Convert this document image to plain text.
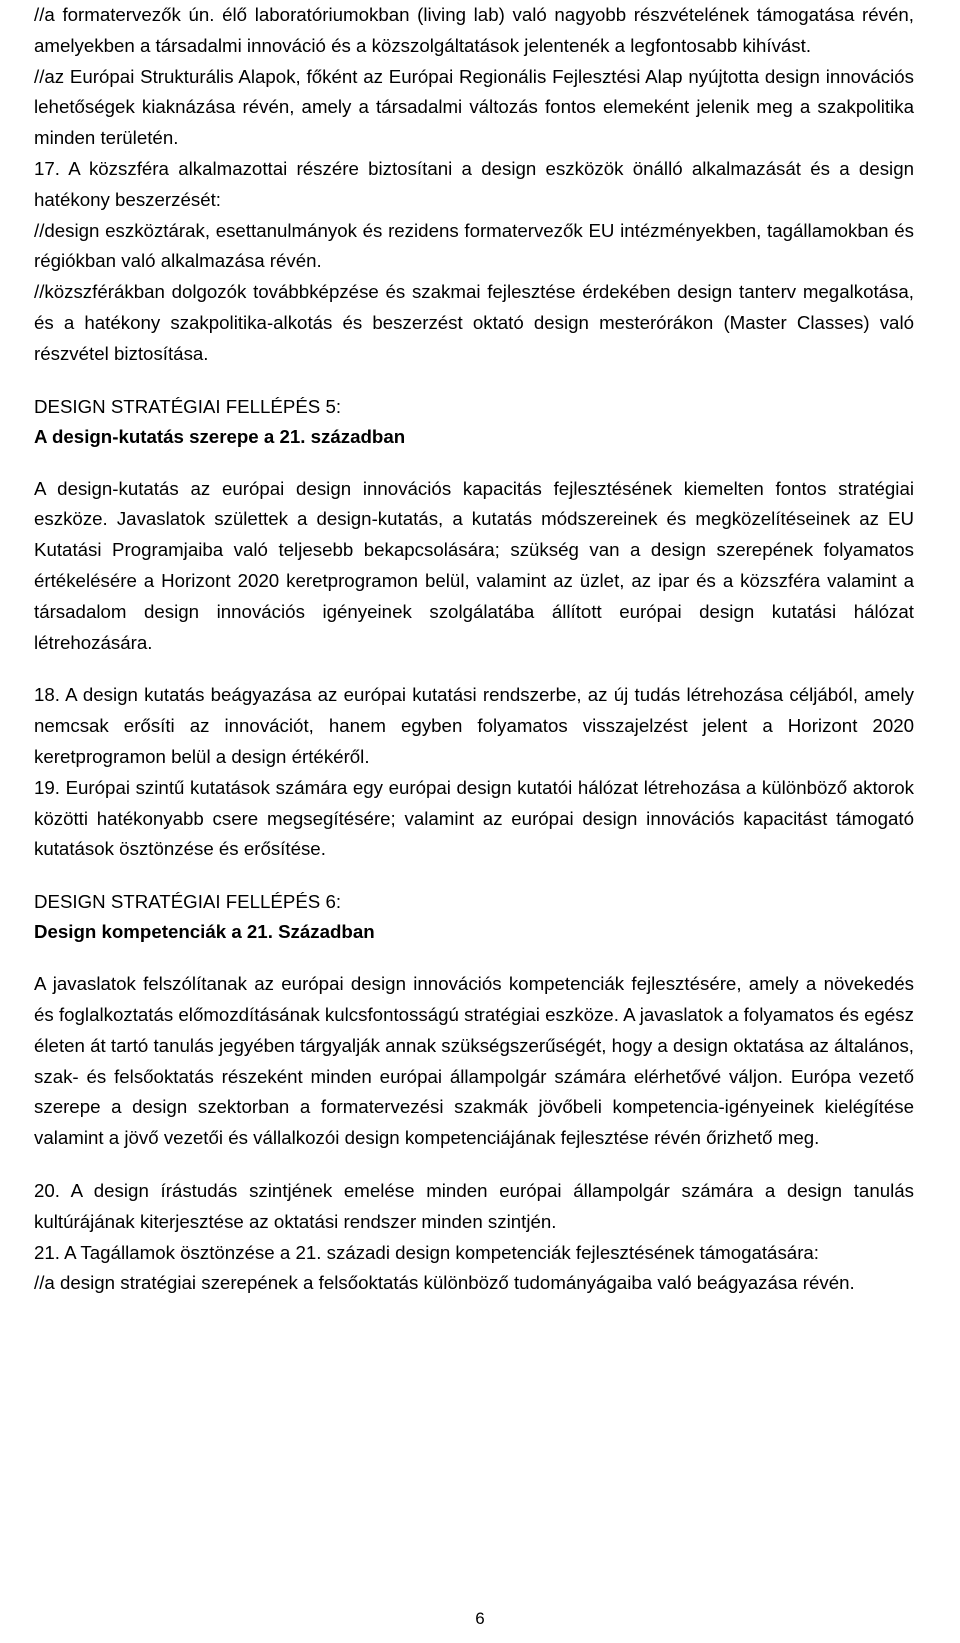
//a formatervezők ún. élő laboratóriumokban (living lab) való nagyobb részvételének támogatása révén, amelyekben a társadalmi innováció és a közszolgáltatások jelentenék a legfontosabb kihívást.

//az Európai Strukturális Alapok, főként az Európai Regionális Fejlesztési Alap nyújtotta design innovációs lehetőségek kiaknázása révén, amely a társadalmi változás fontos elemeként jelenik meg a szakpolitika minden területén.

17. A közszféra alkalmazottai részére biztosítani a design eszközök önálló alkalmazását és a design hatékony beszerzését:

//design eszköztárak, esettanulmányok és rezidens formatervezők EU intézményekben, tagállamokban és régiókban való alkalmazása révén.

//közszférákban dolgozók továbbképzése és szakmai fejlesztése érdekében design tanterv megalkotása, és a hatékony szakpolitika-alkotás és beszerzést oktató design mesterórákon (Master Classes) való részvétel biztosítása.

DESIGN STRATÉGIAI FELLÉPÉS 5:

A design-kutatás szerepe a 21. században

A design-kutatás az európai design innovációs kapacitás fejlesztésének kiemelten fontos stratégiai eszköze. Javaslatok születtek a design-kutatás, a kutatás módszereinek és megközelítéseinek az EU Kutatási Programjaiba való teljesebb bekapcsolására; szükség van a design szerepének folyamatos értékelésére a Horizont 2020 keretprogramon belül, valamint az üzlet, az ipar és a közszféra valamint a társadalom design innovációs igényeinek szolgálatába állított európai design kutatási hálózat létrehozására.

18. A design kutatás beágyazása az európai kutatási rendszerbe, az új tudás létrehozása céljából, amely nemcsak erősíti az innovációt, hanem egyben folyamatos visszajelzést jelent a Horizont 2020 keretprogramon belül a design értékéről.

19. Európai szintű kutatások számára egy európai design kutatói hálózat létrehozása a különböző aktorok közötti hatékonyabb csere megsegítésére; valamint az európai design innovációs kapacitást támogató kutatások ösztönzése és erősítése.

DESIGN STRATÉGIAI FELLÉPÉS 6:

Design kompetenciák a 21. Században

A javaslatok felszólítanak az európai design innovációs kompetenciák fejlesztésére, amely a növekedés és foglalkoztatás előmozdításának kulcsfontosságú stratégiai eszköze. A javaslatok a folyamatos és egész életen át tartó tanulás jegyében tárgyalják annak szükségszerűségét, hogy a design oktatása az általános, szak- és felsőoktatás részeként minden európai állampolgár számára elérhetővé váljon. Európa vezető szerepe a design szektorban a formatervezési szakmák jövőbeli kompetencia-igényeinek kielégítése valamint a jövő vezetői és vállalkozói design kompetenciájának fejlesztése révén őrizhető meg.

20. A design írástudás szintjének emelése minden európai állampolgár számára a design tanulás kultúrájának kiterjesztése az oktatási rendszer minden szintjén.

21. A Tagállamok ösztönzése a 21. századi design kompetenciák fejlesztésének támogatására:

//a design stratégiai szerepének a felsőoktatás különböző tudományágaiba való beágyazása révén.

6
